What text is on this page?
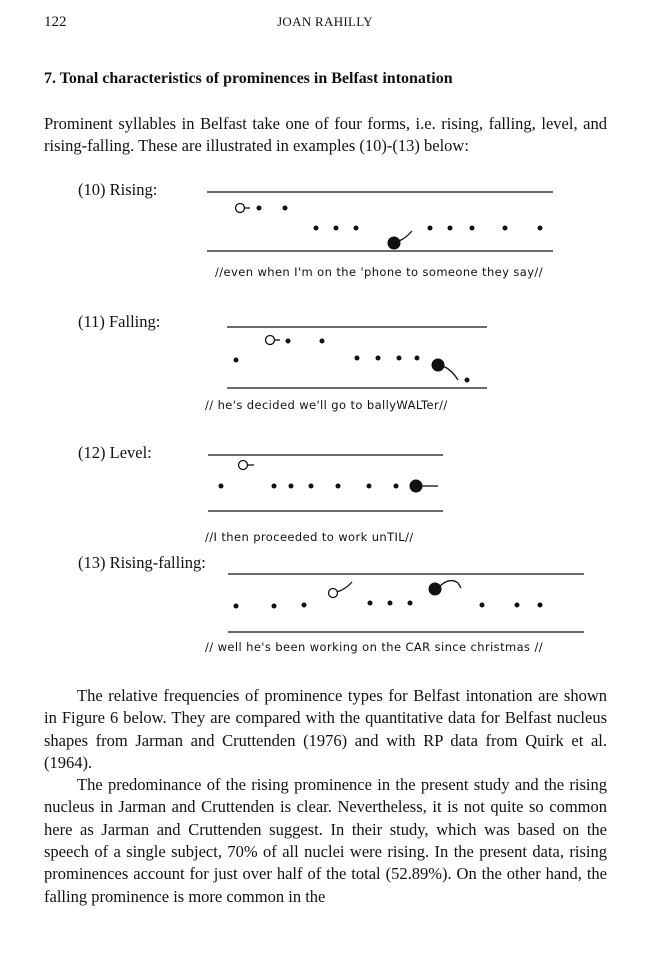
122	JOAN RAHILLY
7. Tonal characteristics of prominences in Belfast intonation

Prominent syllables in Belfast take one of four forms, i.e. rising, falling, level, and rising-falling. These are illustrated in examples (10)-(13) below:

(10) Rising:
//even when I'm on the 'phone to someone they say//
(11) Falling:
// he's decided we'll go to ballyWALTer//
(12) Level:
//I then proceeded to work unTIL//
(13) Rising-falling:
// well he's been working on the CAR since christmas //

The relative frequencies of prominence types for Belfast intonation are shown in Figure 6 below. They are compared with the quantitative data for Belfast nucleus shapes from Jarman and Cruttenden (1976) and with RP data from Quirk et al. (1964).

The predominance of the rising prominence in the present study and the rising nucleus in Jarman and Cruttenden is clear. Nevertheless, it is not quite so common here as Jarman and Cruttenden suggest. In their study, which was based on the speech of a single subject, 70% of all nuclei were rising. In the present data, rising prominences account for just over half of the total (52.89%). On the other hand, the falling prominence is more common in the
